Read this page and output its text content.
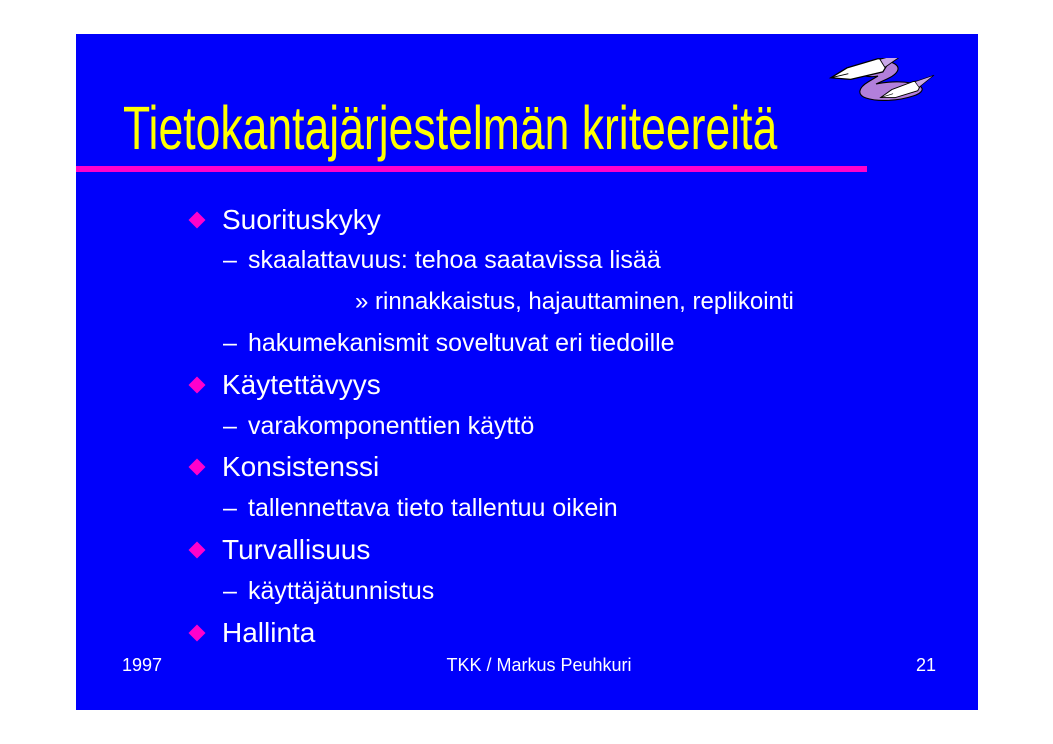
Tietokantajärjestelmän kriteereitä
Suorituskyky
– skaalattavuus: tehoa saatavissa lisää
» rinnakkaistus, hajauttaminen, replikointi
– hakumekanismit soveltuvat eri tiedoille
Käytettävyys
– varakomponenttien käyttö
Konsistenssi
– tallennettava tieto tallentuu oikein
Turvallisuus
– käyttäjätunnistus
Hallinta
1997	TKK / Markus Peuhkuri	21
